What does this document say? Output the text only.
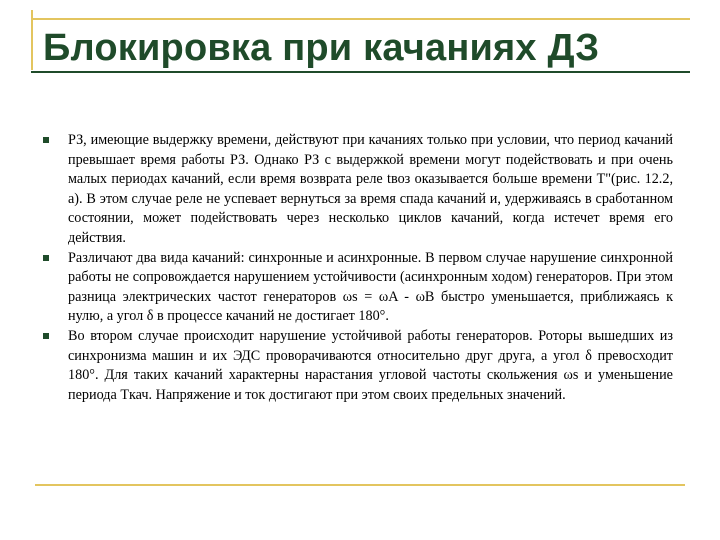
Блокировка при качаниях ДЗ

РЗ, имеющие выдержку времени, действуют при качаниях только при условии, что период качаний превышает время работы РЗ. Однако РЗ с выдержкой времени могут подействовать и при очень малых периодах качаний, если время возврата реле tвоз оказывается больше времени T"(рис. 12.2, а). В этом случае реле не успевает вернуться за время спада качаний и, удерживаясь в сработанном состоянии, может подействовать через несколько циклов качаний, когда истечет время его действия.

Различают два вида качаний: синхронные и асинхронные. В первом случае нарушение синхронной работы не сопровождается нарушением устойчивости (асинхронным ходом) генераторов. При этом разница электрических частот генераторов ωs = ωA - ωB быстро уменьшается, приближаясь к нулю, а угол δ в процессе качаний не достигает 180°.

Во втором случае происходит нарушение устойчивой работы генераторов. Роторы вышедших из синхронизма машин и их ЭДС проворачиваются относительно друг друга, а угол δ превосходит 180°. Для таких качаний характерны нарастания угловой частоты скольжения ωs и уменьшение периода Tкач. Напряжение и ток достигают при этом своих предельных значений.
